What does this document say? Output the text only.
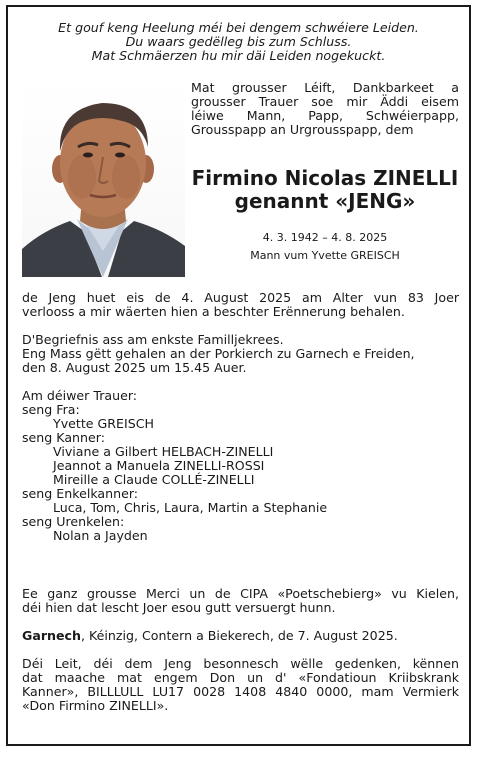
Et gouf keng Heelung méi bei dengem schwéiere Leiden.
Du waars gedëlleg bis zum Schluss.
Mat Schmäerzen hu mir däi Leiden nogekuckt.
Mat grousser Léift, Dankbarkeet a
grousser Trauer soe mir Äddi eisem
léiwe Mann, Papp, Schwéierpapp,
Grousspapp an Urgrousspapp, dem
Firmino Nicolas ZINELLI
genannt «JENG»
4. 3. 1942 – 4. 8. 2025
Mann vum Yvette GREISCH
de Jeng huet eis de 4. August 2025 am Alter vun 83 Joer
verlooss a mir wäerten hien a beschter Erënnerung behalen.
D'Begriefnis ass am enkste Familljekrees.
Eng Mass gëtt gehalen an der Porkierch zu Garnech e Freiden,
den 8. August 2025 um 15.45 Auer.
Am déiwer Trauer:
seng Fra:
Yvette GREISCH
seng Kanner:
Viviane a Gilbert HELBACH-ZINELLI
Jeannot a Manuela ZINELLI-ROSSI
Mireille a Claude COLLÉ-ZINELLI
seng Enkelkanner:
Luca, Tom, Chris, Laura, Martin a Stephanie
seng Urenkelen:
Nolan a Jayden
Ee ganz grousse Merci un de CIPA «Poetschebierg» vu Kielen,
déi hien dat lescht Joer esou gutt versuergt hunn.
Garnech, Kéinzig, Contern a Biekerech, de 7. August 2025.
Déi Leit, déi dem Jeng besonnesch wëlle gedenken, kënnen
dat maache mat engem Don un d' «Fondatioun Kriibskrank
Kanner», BILLLULL LU17 0028 1408 4840 0000, mam Vermierk
«Don Firmino ZINELLI».
